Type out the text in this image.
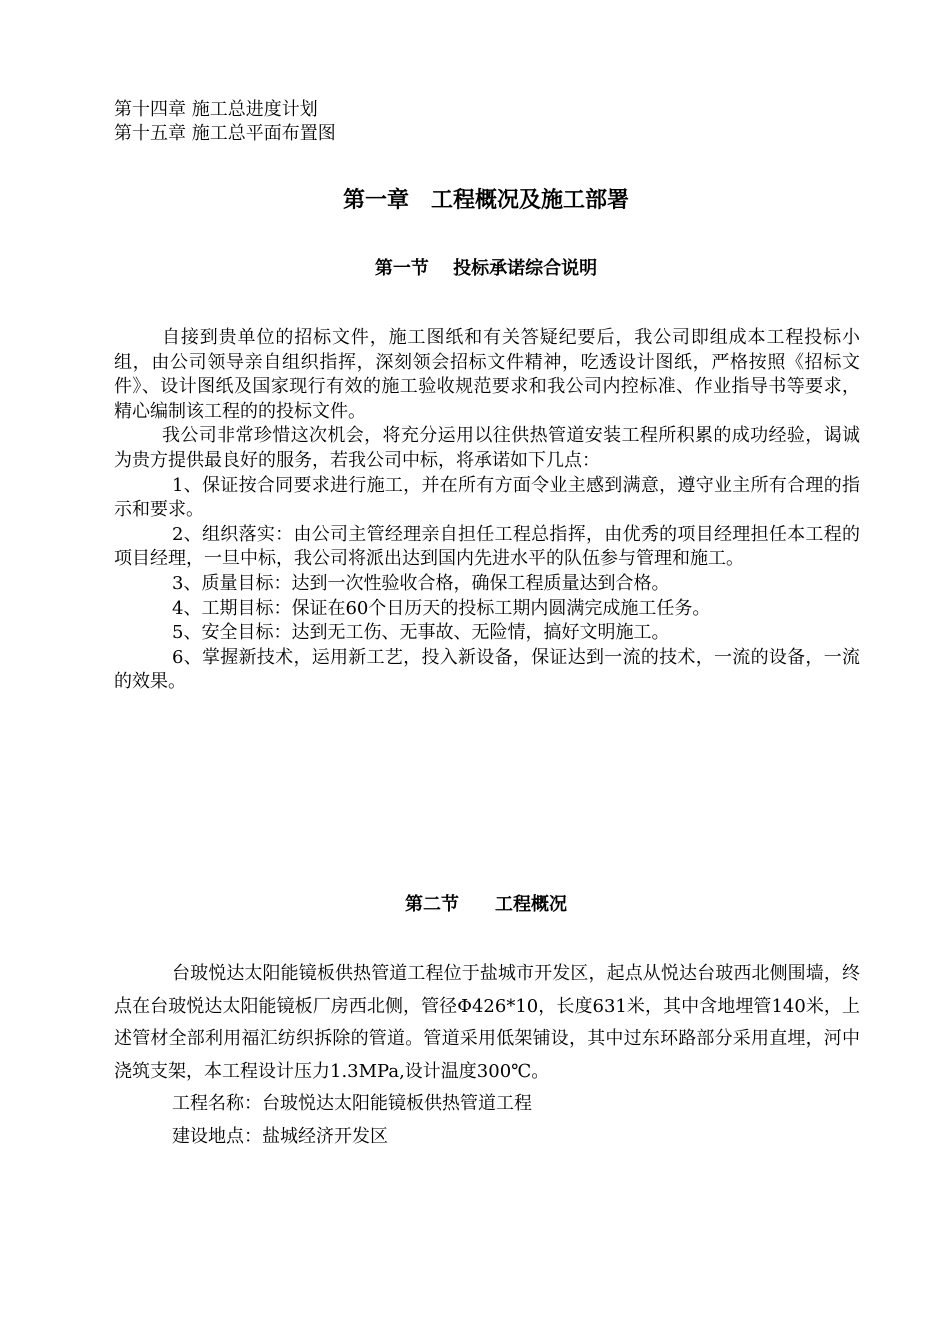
第十四章 施工总进度计划
第十五章 施工总平面布置图
第一章　工程概况及施工部署
第一节　 投标承诺综合说明

自接到贵单位的招标文件，施工图纸和有关答疑纪要后，我公司即组成本工程投标小组，由公司领导亲自组织指挥，深刻领会招标文件精神，吃透设计图纸，严格按照《招标文件》、设计图纸及国家现行有效的施工验收规范要求和我公司内控标准、作业指导书等要求，精心编制该工程的的投标文件。

我公司非常珍惜这次机会，将充分运用以往供热管道安装工程所积累的成功经验，谒诚为贵方提供最良好的服务，若我公司中标，将承诺如下几点：

1、保证按合同要求进行施工，并在所有方面令业主感到满意，遵守业主所有合理的指示和要求。

2、组织落实：由公司主管经理亲自担任工程总指挥，由优秀的项目经理担任本工程的项目经理，一旦中标，我公司将派出达到国内先进水平的队伍参与管理和施工。

3、质量目标：达到一次性验收合格，确保工程质量达到合格。

4、工期目标：保证在60个日历天的投标工期内圆满完成施工任务。

5、安全目标：达到无工伤、无事故、无险情，搞好文明施工。

6、掌握新技术，运用新工艺，投入新设备，保证达到一流的技术，一流的设备，一流的效果。

第二节　　工程概况

台玻悦达太阳能镜板供热管道工程位于盐城市开发区，起点从悦达台玻西北侧围墙，终点在台玻悦达太阳能镜板厂房西北侧，管径Φ426*10，长度631米，其中含地埋管140米，上述管材全部利用福汇纺织拆除的管道。管道采用低架铺设，其中过东环路部分采用直埋，河中浇筑支架，本工程设计压力1.3MPa,设计温度300℃。

工程名称：台玻悦达太阳能镜板供热管道工程

建设地点：盐城经济开发区
